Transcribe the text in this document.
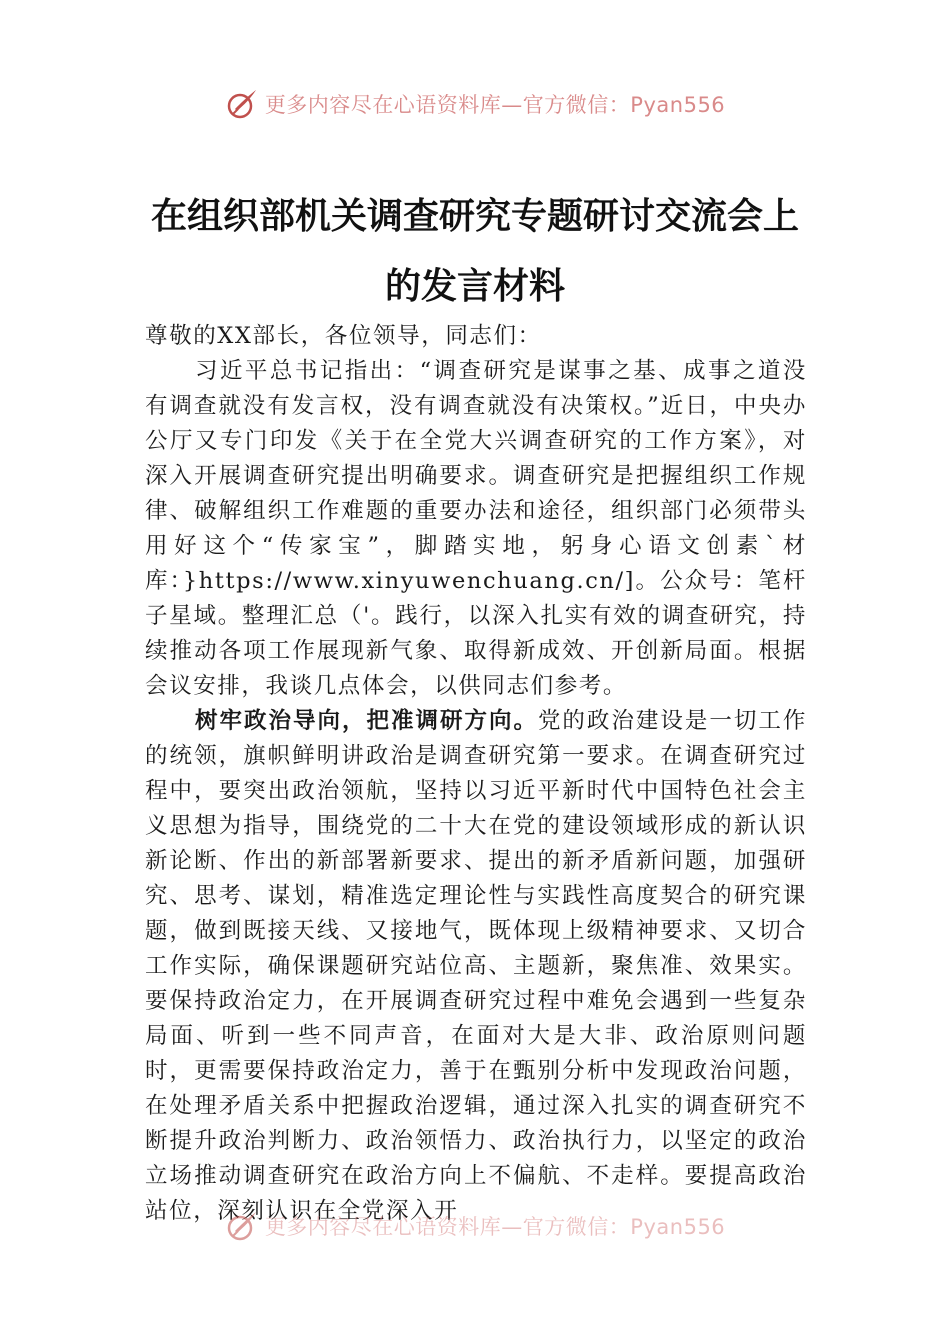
更多内容尽在心语资料库—官方微信：Pyan556
在组织部机关调查研究专题研讨交流会上
的发言材料

尊敬的XX部长，各位领导，同志们：

习近平总书记指出：“调查研究是谋事之基、成事之道没有调查就没有发言权，没有调查就没有决策权。”近日，中央办公厅又专门印发《关于在全党大兴调查研究的工作方案》，对深入开展调查研究提出明确要求。调查研究是把握组织工作规律、破解组织工作难题的重要办法和途径，组织部门必须带头用好这个“传家宝”，脚踏实地，躬身心语文创素`材库：}https://www.xinyuwenchuang.cn/]。公众号：笔杆子星域。整理汇总（'。践行，以深入扎实有效的调查研究，持续推动各项工作展现新气象、取得新成效、开创新局面。根据会议安排，我谈几点体会，以供同志们参考。

树牢政治导向，把准调研方向。党的政治建设是一切工作的统领，旗帜鲜明讲政治是调查研究第一要求。在调查研究过程中，要突出政治领航，坚持以习近平新时代中国特色社会主义思想为指导，围绕党的二十大在党的建设领域形成的新认识新论断、作出的新部署新要求、提出的新矛盾新问题，加强研究、思考、谋划，精准选定理论性与实践性高度契合的研究课题，做到既接天线、又接地气，既体现上级精神要求、又切合工作实际，确保课题研究站位高、主题新，聚焦准、效果实。要保持政治定力，在开展调查研究过程中难免会遇到一些复杂局面、听到一些不同声音，在面对大是大非、政治原则问题时，更需要保持政治定力，善于在甄别分析中发现政治问题，在处理矛盾关系中把握政治逻辑，通过深入扎实的调查研究不断提升政治判断力、政治领悟力、政治执行力，以坚定的政治立场推动调查研究在政治方向上不偏航、不走样。要提高政治站位，深刻认识在全党深入开

更多内容尽在心语资料库—官方微信：Pyan556
